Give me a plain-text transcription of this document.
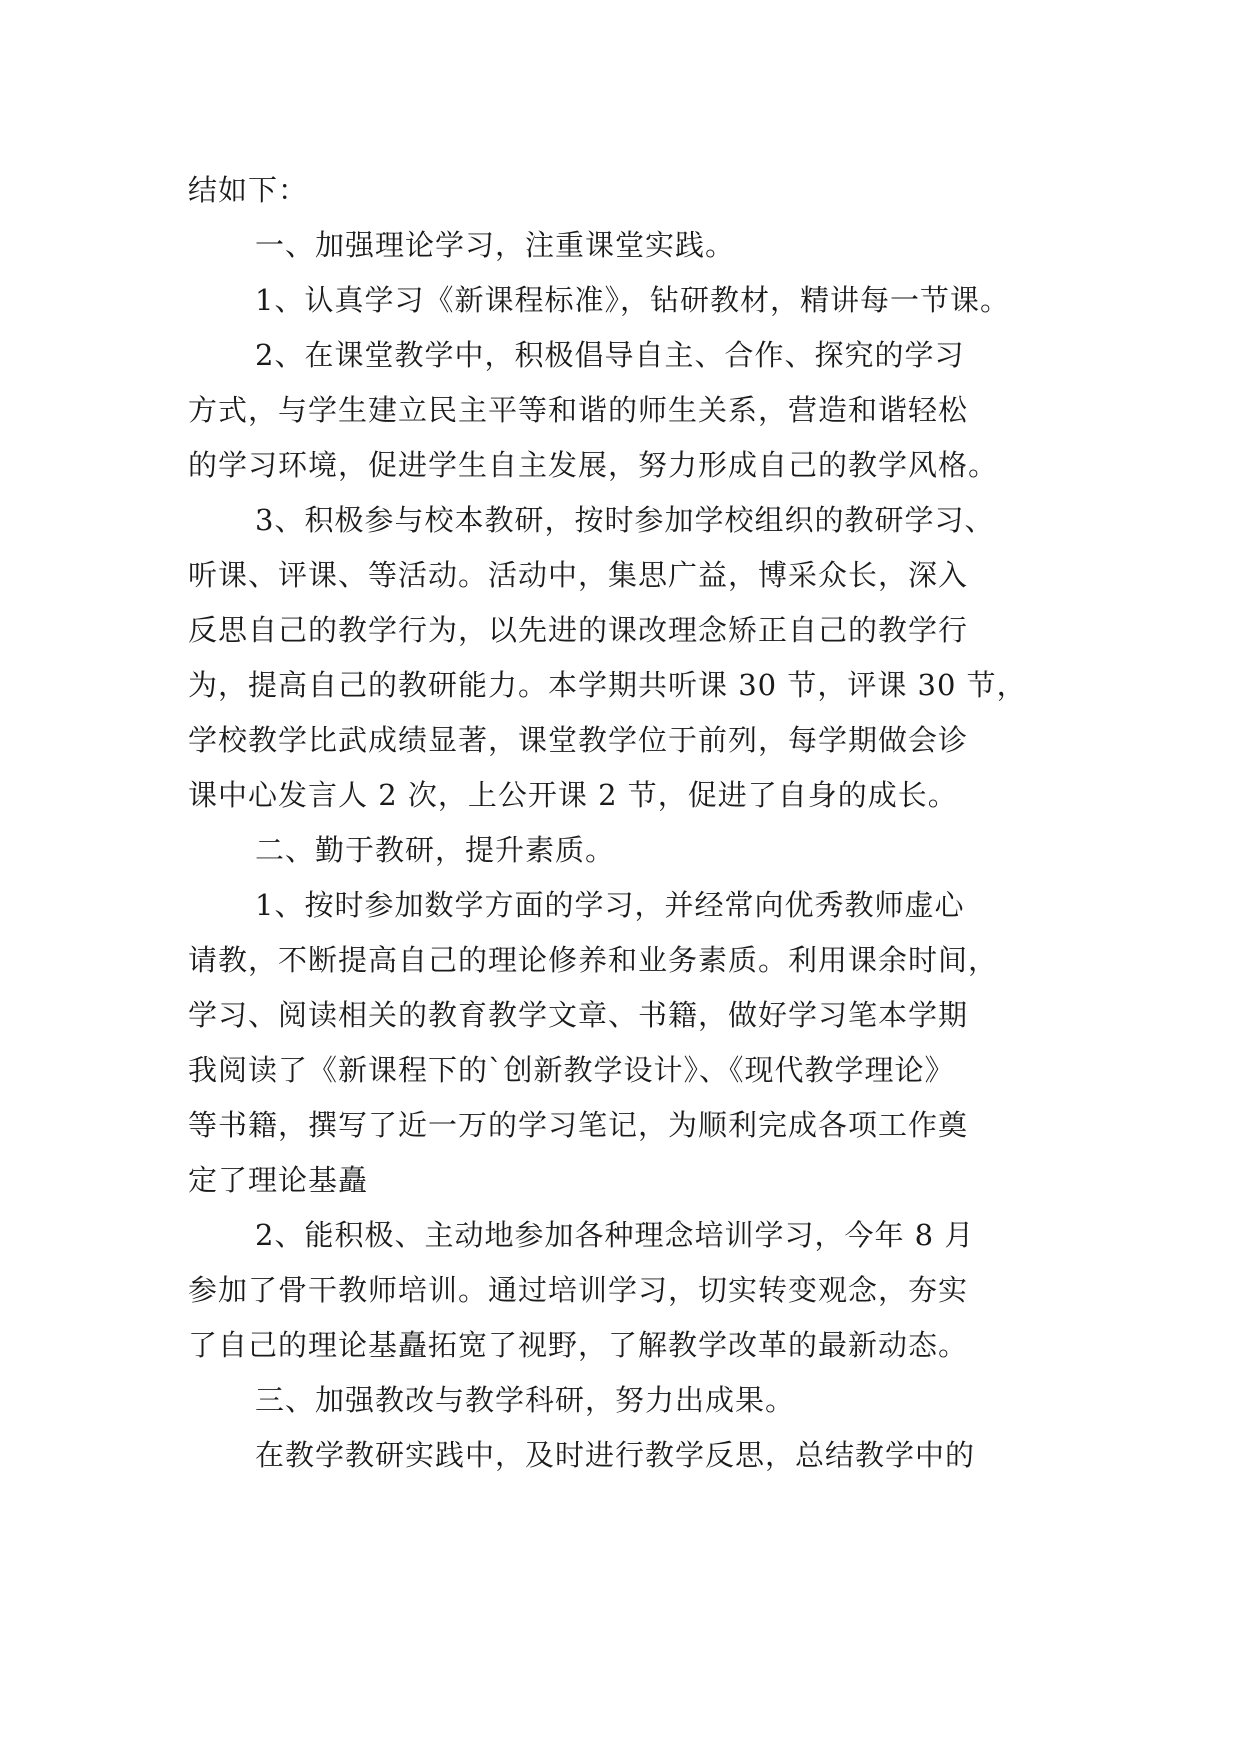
结如下：
一、加强理论学习，注重课堂实践。
1、认真学习《新课程标准》，钻研教材，精讲每一节课。
2、在课堂教学中，积极倡导自主、合作、探究的学习
方式，与学生建立民主平等和谐的师生关系，营造和谐轻松
的学习环境，促进学生自主发展，努力形成自己的教学风格。
3、积极参与校本教研，按时参加学校组织的教研学习、
听课、评课、等活动。活动中，集思广益，博采众长，深入
反思自己的教学行为，以先进的课改理念矫正自己的教学行
为，提高自己的教研能力。本学期共听课 30 节，评课 30 节，
学校教学比武成绩显著，课堂教学位于前列，每学期做会诊
课中心发言人 2 次，上公开课 2 节，促进了自身的成长。
二、勤于教研，提升素质。
1、按时参加数学方面的学习，并经常向优秀教师虚心
请教，不断提高自己的理论修养和业务素质。利用课余时间，
学习、阅读相关的教育教学文章、书籍，做好学习笔本学期
我阅读了《新课程下的`创新教学设计》、《现代教学理论》
等书籍，撰写了近一万的学习笔记，为顺利完成各项工作奠
定了理论基矗
2、能积极、主动地参加各种理念培训学习，今年 8 月
参加了骨干教师培训。通过培训学习，切实转变观念，夯实
了自己的理论基矗拓宽了视野，了解教学改革的最新动态。
三、加强教改与教学科研，努力出成果。
在教学教研实践中，及时进行教学反思，总结教学中的
